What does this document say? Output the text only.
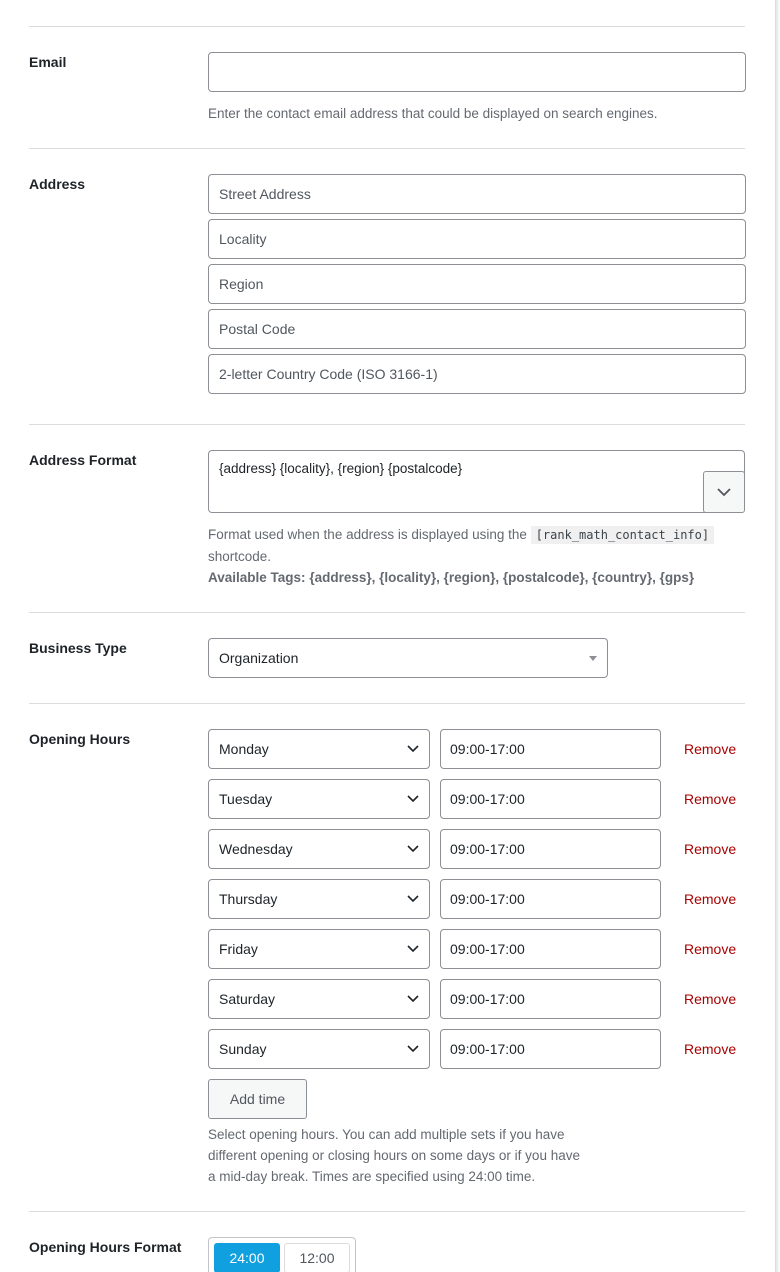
Email
Enter the contact email address that could be displayed on search engines.
Address
Street Address
Locality
Region
Postal Code
2-letter Country Code (ISO 3166-1)
Address Format
{address} {locality}, {region} {postalcode}
Format used when the address is displayed using the [rank_math_contact_info]
shortcode.
Available Tags: {address}, {locality}, {region}, {postalcode}, {country}, {gps}
Business Type
Organization
Opening Hours
Monday	09:00-17:00	Remove
Tuesday	09:00-17:00	Remove
Wednesday	09:00-17:00	Remove
Thursday	09:00-17:00	Remove
Friday	09:00-17:00	Remove
Saturday	09:00-17:00	Remove
Sunday	09:00-17:00	Remove
Add time
Select opening hours. You can add multiple sets if you have
different opening or closing hours on some days or if you have
a mid-day break. Times are specified using 24:00 time.
Opening Hours Format
24:00	12:00
